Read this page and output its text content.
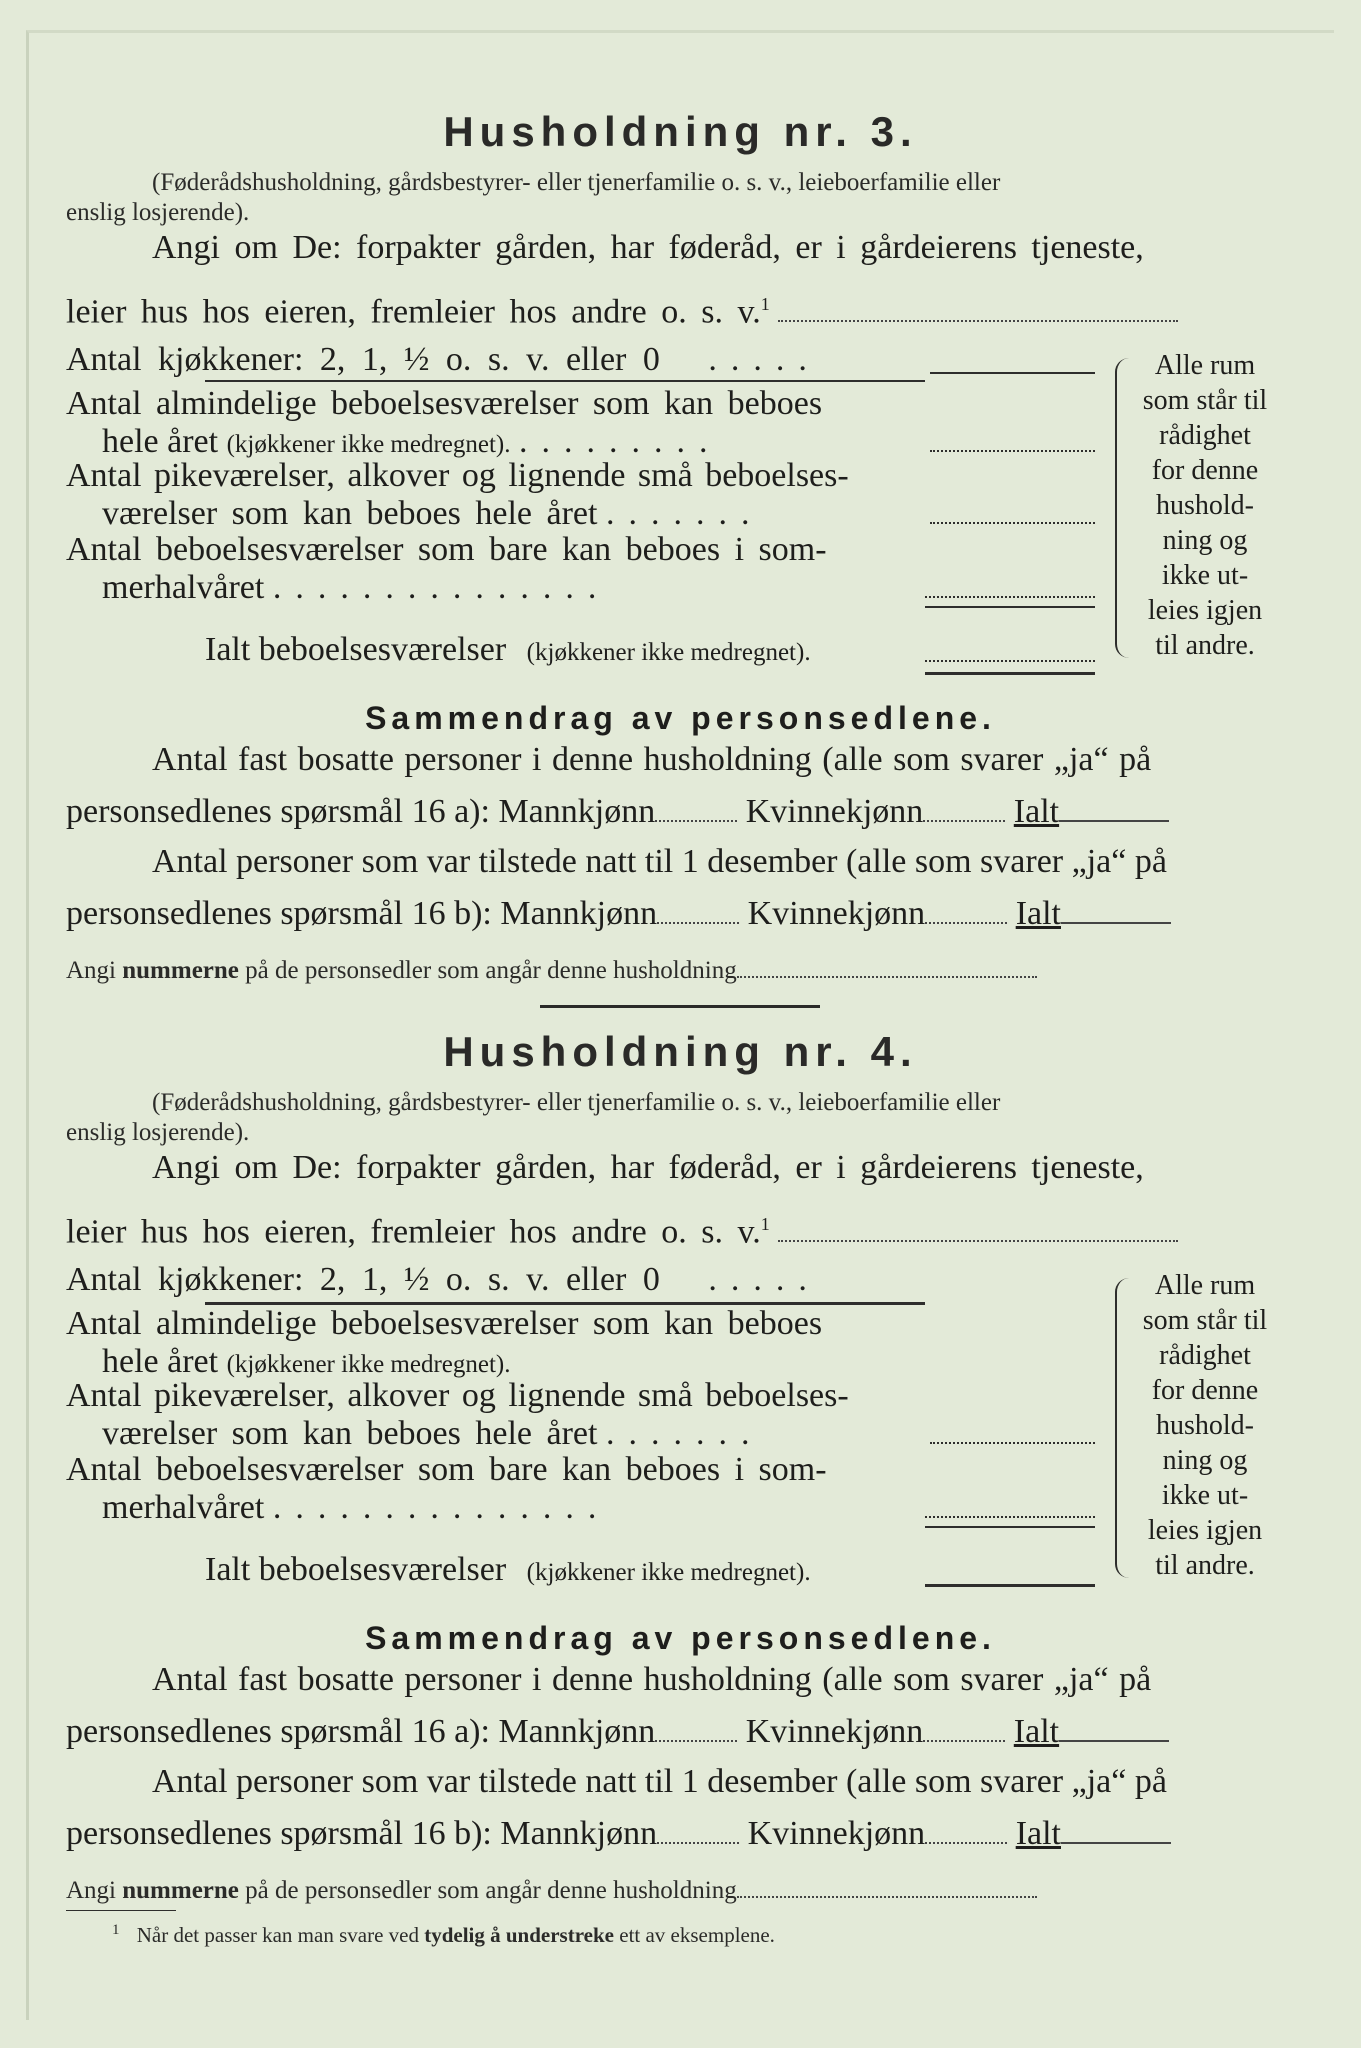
Husholdning nr. 3.
(Føderådshusholdning, gårdsbestyrer- eller tjenerfamilie o. s. v., leieboerfamilie eller
enslig losjerende).
Angi om De: forpakter gården, har føderåd, er i gårdeierens tjeneste,
leier hus hos eieren, fremleier hos andre o. s. v.$^1$
Antal kjøkkener: 2, 1, ½ o. s. v. eller 0 .....
Antal almindelige beboelsesværelser som kan beboes
hele året (kjøkkener ikke medregnet). .........
Antal pikeværelser, alkover og lignende små beboelses-
værelser som kan beboes hele året .......
Antal beboelsesværelser som bare kan beboes i som-
merhalvåret ...............
Ialt beboelsesværelser (kjøkkener ikke medregnet).
Alle rum
som står til
rådighet
for denne
hushold-
ning og
ikke ut-
leies igjen
til andre.
Sammendrag av personsedlene.
Antal fast bosatte personer i denne husholdning (alle som svarer „ja“ på
personsedlenes spørsmål 16 a): Mannkjønn	Kvinnekjønn	Ialt
Antal personer som var tilstede natt til 1 desember (alle som svarer „ja“ på
personsedlenes spørsmål 16 b): Mannkjønn	Kvinnekjønn	Ialt
Angi nummerne på de personsedler som angår denne husholdning
Husholdning nr. 4.
(Føderådshusholdning, gårdsbestyrer- eller tjenerfamilie o. s. v., leieboerfamilie eller
enslig losjerende).
Angi om De: forpakter gården, har føderåd, er i gårdeierens tjeneste,
leier hus hos eieren, fremleier hos andre o. s. v.$^1$
Antal kjøkkener: 2, 1, ½ o. s. v. eller 0 .....
Antal almindelige beboelsesværelser som kan beboes
hele året (kjøkkener ikke medregnet).
Antal pikeværelser, alkover og lignende små beboelses-
værelser som kan beboes hele året .......
Antal beboelsesværelser som bare kan beboes i som-
merhalvåret ...............
Ialt beboelsesværelser (kjøkkener ikke medregnet).
Alle rum
som står til
rådighet
for denne
hushold-
ning og
ikke ut-
leies igjen
til andre.
Sammendrag av personsedlene.
Antal fast bosatte personer i denne husholdning (alle som svarer „ja“ på
personsedlenes spørsmål 16 a): Mannkjønn	Kvinnekjønn	Ialt
Antal personer som var tilstede natt til 1 desember (alle som svarer „ja“ på
personsedlenes spørsmål 16 b): Mannkjønn	Kvinnekjønn	Ialt
Angi nummerne på de personsedler som angår denne husholdning
$^1$ Når det passer kan man svare ved tydelig å understreke ett av eksemplene.
